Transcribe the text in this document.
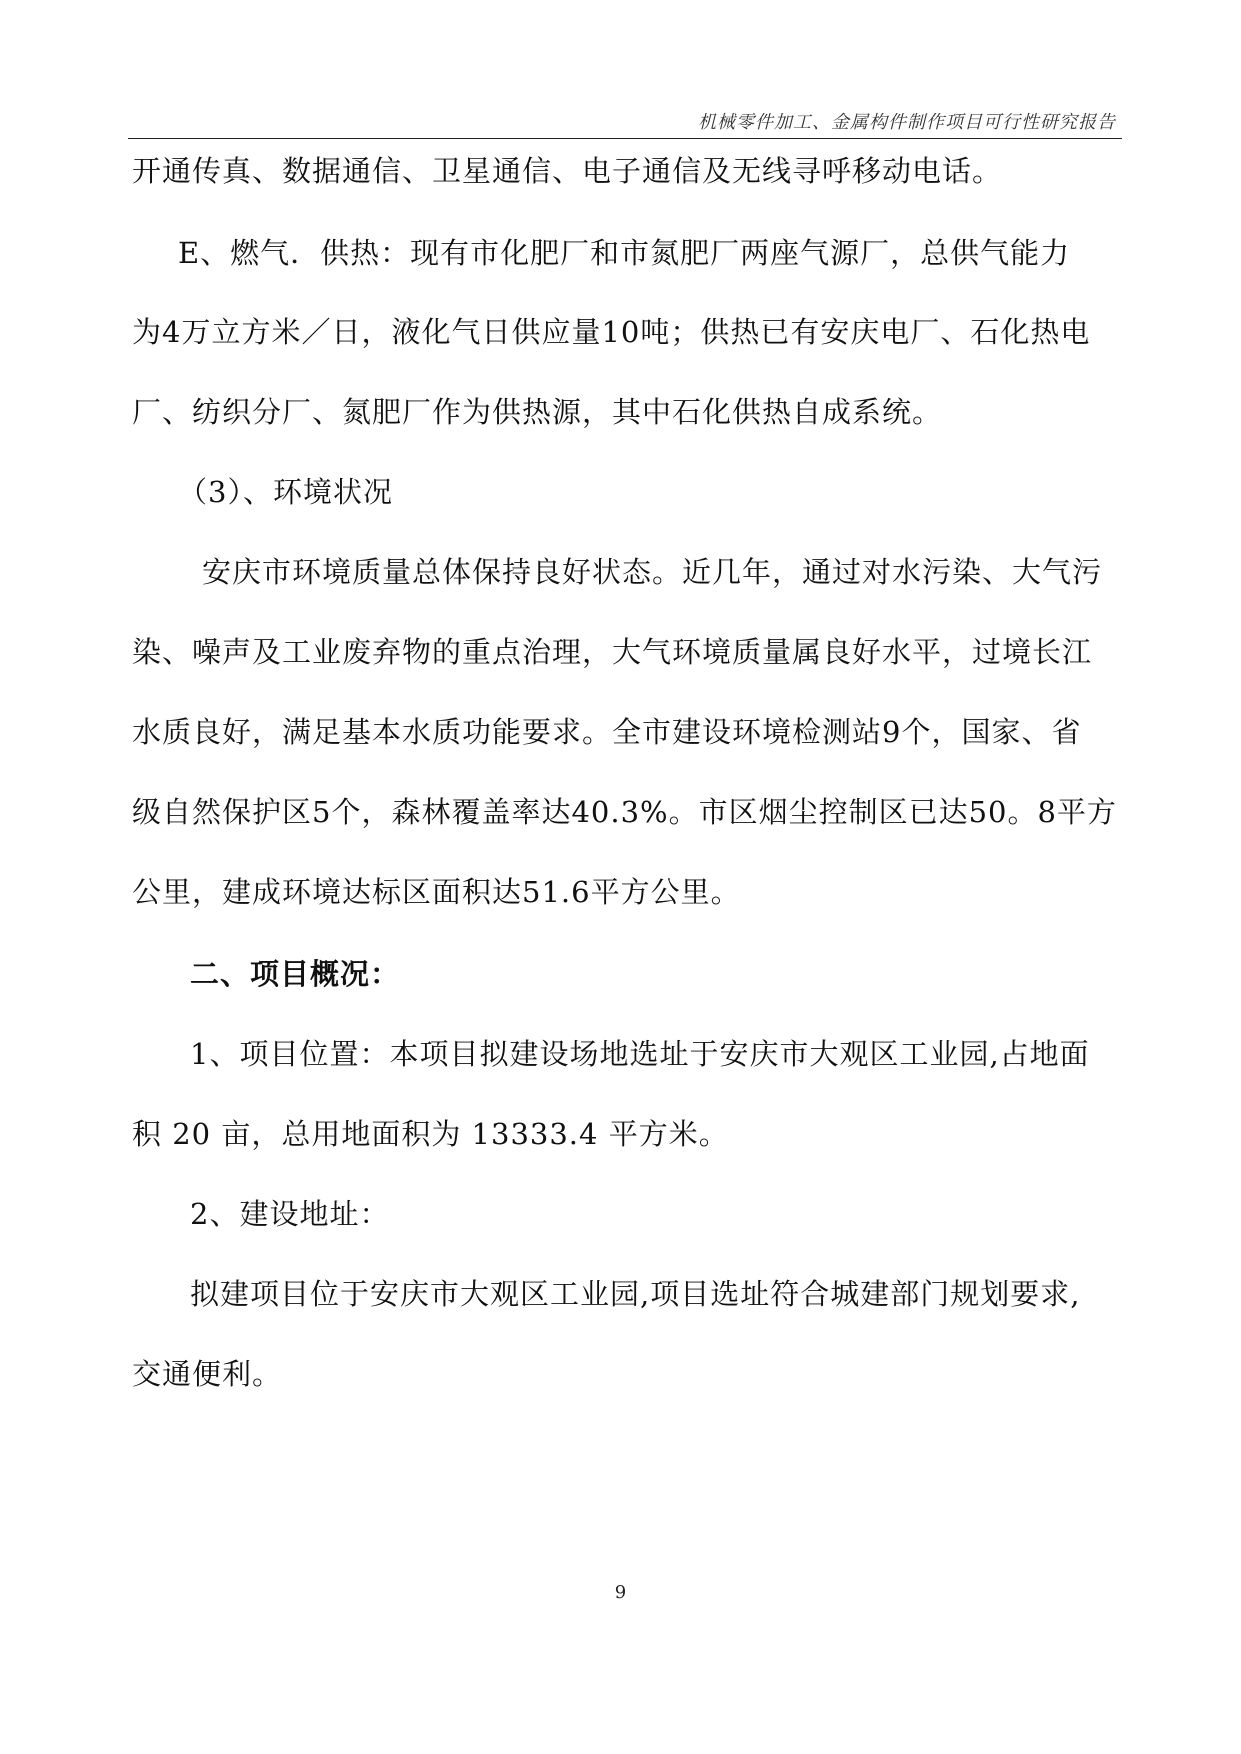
机械零件加工、金属构件制作项目可行性研究报告
开通传真、数据通信、卫星通信、电子通信及无线寻呼移动电话。
E、燃气．供热：现有市化肥厂和市氮肥厂两座气源厂，总供气能力
为4万立方米／日，液化气日供应量10吨；供热已有安庆电厂、石化热电
厂、纺织分厂、氮肥厂作为供热源，其中石化供热自成系统。
（3）、环境状况
安庆市环境质量总体保持良好状态。近几年，通过对水污染、大气污
染、噪声及工业废弃物的重点治理，大气环境质量属良好水平，过境长江
水质良好，满足基本水质功能要求。全市建设环境检测站9个，国家、省
级自然保护区5个，森林覆盖率达40.3%。市区烟尘控制区已达50。8平方
公里，建成环境达标区面积达51.6平方公里。
二、项目概况：
1、项目位置：本项目拟建设场地选址于安庆市大观区工业园,占地面
积 20 亩，总用地面积为 13333.4 平方米。
2、建设地址：
拟建项目位于安庆市大观区工业园,项目选址符合城建部门规划要求,
交通便利。
9
